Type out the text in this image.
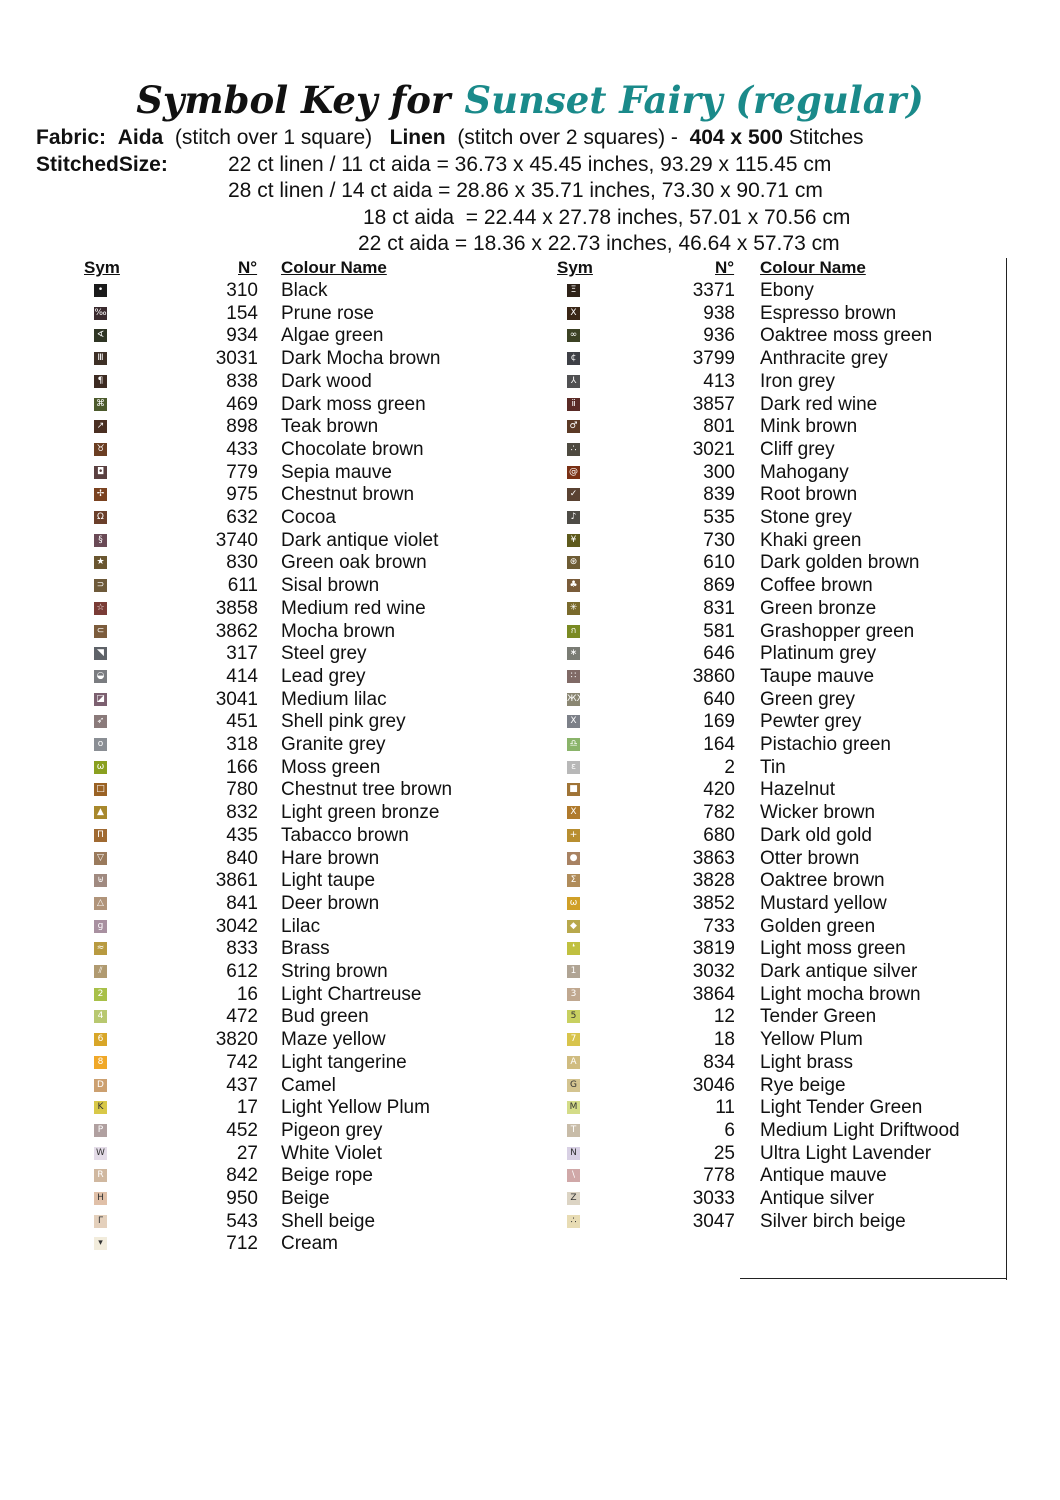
Symbol Key for Sunset Fairy (regular)
Fabric: Aida (stitch over 1 square) Linen (stitch over 2 squares) - 404 x 500 Stitches
StitchedSize:	22 ct linen / 11 ct aida = 36.73 x 45.45 inches, 93.29 x 115.45 cm
28 ct linen / 14 ct aida = 28.86 x 35.71 inches, 73.30 x 90.71 cm
18 ct aida  = 22.44 x 27.78 inches, 57.01 x 70.56 cm
22 ct aida = 18.36 x 22.73 inches, 46.64 x 57.73 cm
Sym	N° Colour Name	Sym	N° Colour Name
•	310 Black
‰	154 Prune rose
∢	934 Algae green
Ⅲ	3031 Dark Mocha brown
¶	838 Dark wood
⌘	469 Dark moss green
↗	898 Teak brown
♉	433 Chocolate brown
◘	779 Sepia mauve
✢	975 Chestnut brown
Ω	632 Cocoa
§	3740 Dark antique violet
★	830 Green oak brown
⊃	611 Sisal brown
☆	3858 Medium red wine
⊂	3862 Mocha brown
◥	317 Steel grey
◒	414 Lead grey
◪	3041 Medium lilac
➶	451 Shell pink grey
o	318 Granite grey
ω	166 Moss green
□	780 Chestnut tree brown
▲	832 Light green bronze
Π	435 Tabacco brown
▽	840 Hare brown
⊎	3861 Light taupe
△	841 Deer brown
g	3042 Lilac
≈	833 Brass
⫽	612 String brown
2	16 Light Chartreuse
4	472 Bud green
6	3820 Maze yellow
8	742 Light tangerine
D	437 Camel
K	17 Light Yellow Plum
P	452 Pigeon grey
W	27 White Violet
R	842 Beige rope
H	950 Beige
Γ	543 Shell beige
▾	712 Cream
Ξ	3371 Ebony
X	938 Espresso brown
∞	936 Oaktree moss green
¢	3799 Anthracite grey
⅄	413 Iron grey
ⅱ	3857 Dark red wine
♂	801 Mink brown
∴	3021 Cliff grey
@	300 Mahogany
✓	839 Root brown
♪	535 Stone grey
¥	730 Khaki green
⊛	610 Dark golden brown
♣	869 Coffee brown
✳	831 Green bronze
ก	581 Grashopper green
∗	646 Platinum grey
∷	3860 Taupe mauve
ЖЖ	640 Green grey
X	169 Pewter grey
♎	164 Pistachio green
ε	2 Tin
■	420 Hazelnut
X	782 Wicker brown
+	680 Dark old gold
●	3863 Otter brown
Σ	3828 Oaktree brown
ω	3852 Mustard yellow
◆	733 Golden green
❛	3819 Light moss green
1	3032 Dark antique silver
3	3864 Light mocha brown
5	12 Tender Green
7	18 Yellow Plum
A	834 Light brass
G	3046 Rye beige
M	11 Light Tender Green
T	6 Medium Light Driftwood
N	25 Ultra Light Lavender
\	778 Antique mauve
Z	3033 Antique silver
∴	3047 Silver birch beige
